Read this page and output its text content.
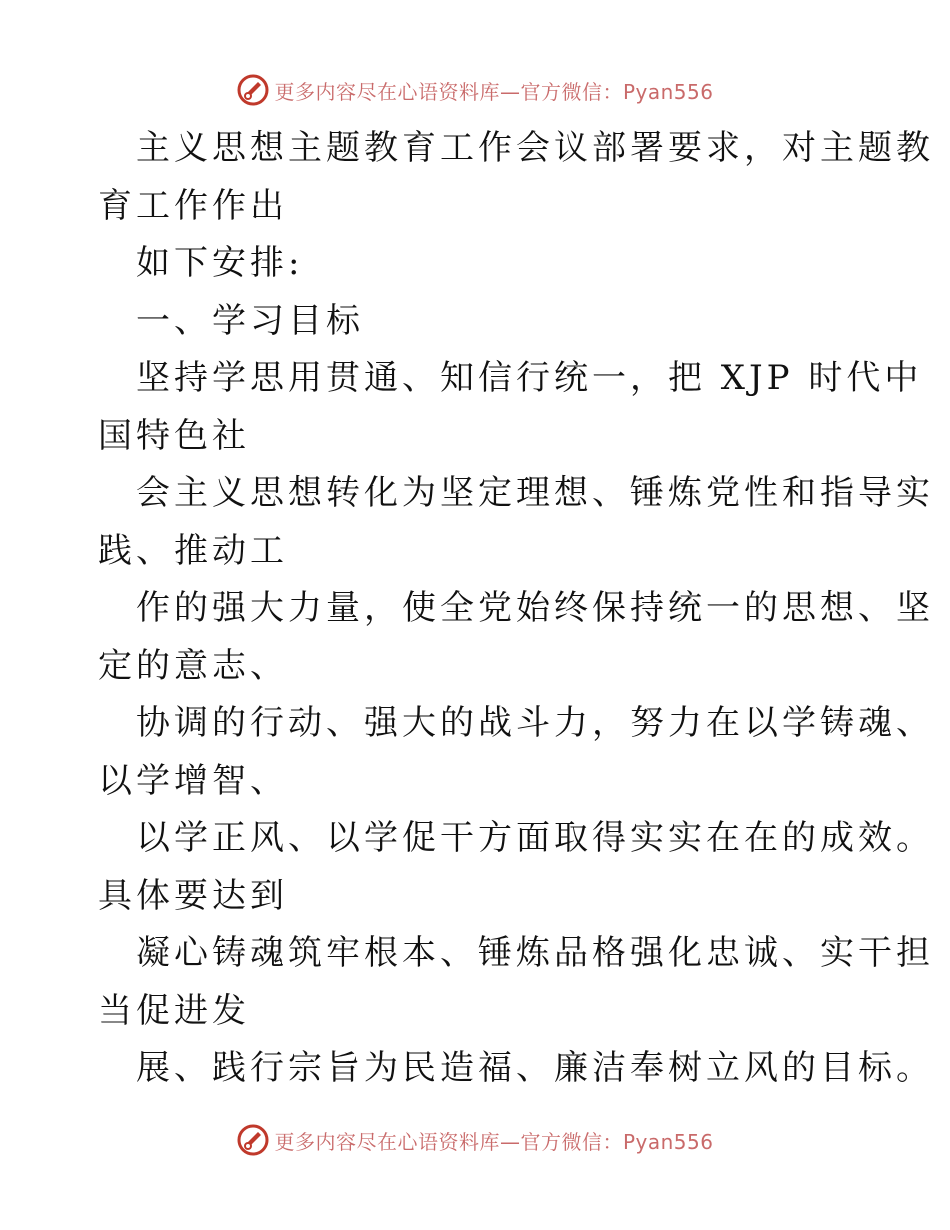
更多内容尽在心语资料库—官方微信：Pyan556
主义思想主题教育工作会议部署要求，对主题教
育工作作出
如下安排:
一、学习目标
坚持学思用贯通、知信行统一，把 XJP 时代中
国特色社
会主义思想转化为坚定理想、锤炼党性和指导实
践、推动工
作的强大力量，使全党始终保持统一的思想、坚
定的意志、
协调的行动、强大的战斗力，努力在以学铸魂、
以学增智、
以学正风、以学促干方面取得实实在在的成效。
具体要达到
凝心铸魂筑牢根本、锤炼品格强化忠诚、实干担
当促进发
展、践行宗旨为民造福、廉洁奉树立风的目标。
更多内容尽在心语资料库—官方微信：Pyan556
